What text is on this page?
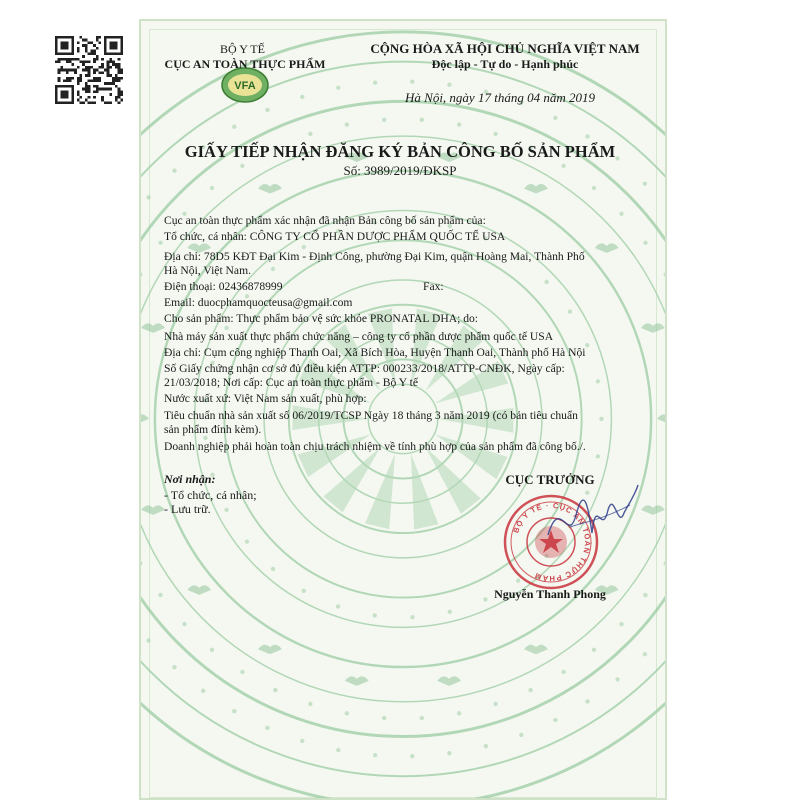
VFA
BỘ Y TẾ
CỤC AN TOÀN THỰC PHẨM
CỘNG HÒA XÃ HỘI CHỦ NGHĨA VIỆT NAM
Độc lập - Tự do - Hạnh phúc
Hà Nội, ngày 17 tháng 04 năm 2019
GIẤY TIẾP NHẬN ĐĂNG KÝ BẢN CÔNG BỐ SẢN PHẨM
Số: 3989/2019/ĐKSP
Cục an toàn thực phẩm xác nhận đã nhận Bản công bố sản phẩm của:
Tổ chức, cá nhân: CÔNG TY CỔ PHẦN DƯỢC PHẨM QUỐC TẾ USA
Địa chỉ: 78D5 KĐT Đại Kim - Định Công, phường Đại Kim, quận Hoàng Mai, Thành Phố
Hà Nội, Việt Nam.
Điện thoại: 02436878999	Fax:
Email: duocphamquocteusa@gmail.com
Cho sản phẩm: Thực phẩm bảo vệ sức khỏe PRONATAL DHA; do:
Nhà máy sản xuất thực phẩm chức năng – công ty cổ phần dược phẩm quốc tế USA
Địa chỉ: Cụm công nghiệp Thanh Oai, Xã Bích Hòa, Huyện Thanh Oai, Thành phố Hà Nội
Số Giấy chứng nhận cơ sở đủ điều kiện ATTP: 000233/2018/ATTP-CNĐK, Ngày cấp:
21/03/2018; Nơi cấp: Cục an toàn thực phẩm - Bộ Y tế
Nước xuất xứ: Việt Nam sản xuất, phù hợp:
Tiêu chuẩn nhà sản xuất số 06/2019/TCSP Ngày 18 tháng 3 năm 2019 (có bản tiêu chuẩn
sản phẩm đính kèm).
Doanh nghiệp phải hoàn toàn chịu trách nhiệm về tính phù hợp của sản phẩm đã công bố./.
Nơi nhận:
- Tổ chức, cá nhân;
- Lưu trữ.
CỤC TRƯỞNG
BỘ Y TẾ · CỤC AN TOÀN THỰC PHẨM
Nguyễn Thanh Phong
